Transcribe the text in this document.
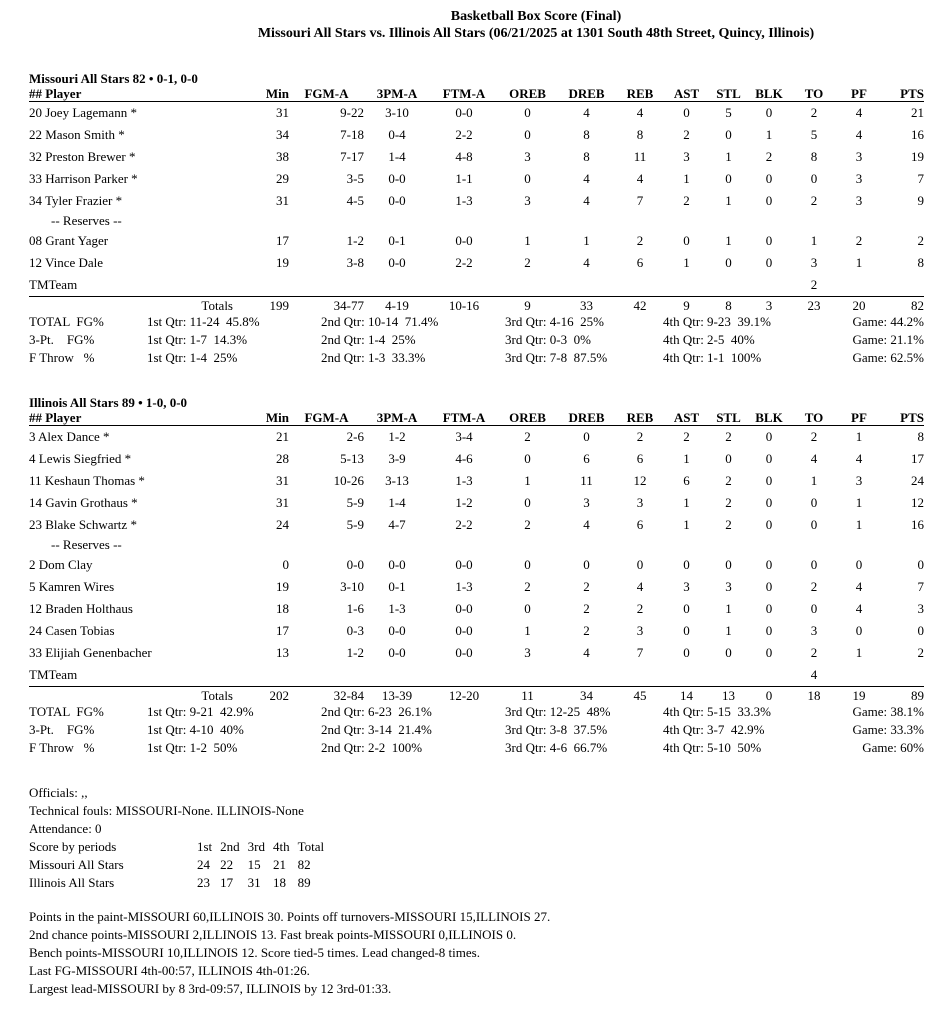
Basketball Box Score (Final)
Missouri All Stars vs. Illinois All Stars (06/21/2025 at 1301 South 48th Street, Quincy, Illinois)
Missouri All Stars 82 • 0-1, 0-0
## Player	Min	FGM-A	3PM-A	FTM-A	OREB	DREB	REB	AST	STL	BLK	TO	PF	PTS
20 Joey Lagemann *	31	9-22	3-10	0-0	0	4	4	0	5	0	2	4	21
22 Mason Smith *	34	7-18	0-4	2-2	0	8	8	2	0	1	5	4	16
32 Preston Brewer *	38	7-17	1-4	4-8	3	8	11	3	1	2	8	3	19
33 Harrison Parker *	29	3-5	0-0	1-1	0	4	4	1	0	0	0	3	7
34 Tyler Frazier *	31	4-5	0-0	1-3	3	4	7	2	1	0	2	3	9
-- Reserves --													
08 Grant Yager	17	1-2	0-1	0-0	1	1	2	0	1	0	1	2	2
12 Vince Dale	19	3-8	0-0	2-2	2	4	6	1	0	0	3	1	8
TMTeam											2		
Totals	199	34-77	4-19	10-16	9	33	42	9	8	3	23	20	82
TOTAL  FG%	1st Qtr: 11-24  45.8%	2nd Qtr: 10-14  71.4%	3rd Qtr: 4-16  25%	4th Qtr: 9-23  39.1%	Game: 44.2%
3-Pt.    FG%	1st Qtr: 1-7  14.3%	2nd Qtr: 1-4  25%	3rd Qtr: 0-3  0%	4th Qtr: 2-5  40%	Game: 21.1%
F Throw   %	1st Qtr: 1-4  25%	2nd Qtr: 1-3  33.3%	3rd Qtr: 7-8  87.5%	4th Qtr: 1-1  100%	Game: 62.5%
Illinois All Stars 89 • 1-0, 0-0
## Player	Min	FGM-A	3PM-A	FTM-A	OREB	DREB	REB	AST	STL	BLK	TO	PF	PTS
3 Alex Dance *	21	2-6	1-2	3-4	2	0	2	2	2	0	2	1	8
4 Lewis Siegfried *	28	5-13	3-9	4-6	0	6	6	1	0	0	4	4	17
11 Keshaun Thomas *	31	10-26	3-13	1-3	1	11	12	6	2	0	1	3	24
14 Gavin Grothaus *	31	5-9	1-4	1-2	0	3	3	1	2	0	0	1	12
23 Blake Schwartz *	24	5-9	4-7	2-2	2	4	6	1	2	0	0	1	16
-- Reserves --													
2 Dom Clay	0	0-0	0-0	0-0	0	0	0	0	0	0	0	0	0
5 Kamren Wires	19	3-10	0-1	1-3	2	2	4	3	3	0	2	4	7
12 Braden Holthaus	18	1-6	1-3	0-0	0	2	2	0	1	0	0	4	3
24 Casen Tobias	17	0-3	0-0	0-0	1	2	3	0	1	0	3	0	0
33 Elijiah Genenbacher	13	1-2	0-0	0-0	3	4	7	0	0	0	2	1	2
TMTeam											4		
Totals	202	32-84	13-39	12-20	11	34	45	14	13	0	18	19	89
TOTAL  FG%	1st Qtr: 9-21  42.9%	2nd Qtr: 6-23  26.1%	3rd Qtr: 12-25  48%	4th Qtr: 5-15  33.3%	Game: 38.1%
3-Pt.    FG%	1st Qtr: 4-10  40%	2nd Qtr: 3-14  21.4%	3rd Qtr: 3-8  37.5%	4th Qtr: 3-7  42.9%	Game: 33.3%
F Throw   %	1st Qtr: 1-2  50%	2nd Qtr: 2-2  100%	3rd Qtr: 4-6  66.7%	4th Qtr: 5-10  50%	Game: 60%
Officials: ,,
Technical fouls: MISSOURI-None. ILLINOIS-None
Attendance: 0
Score by periods	1st	2nd	3rd	4th	Total
Missouri All Stars	24	22	15	21	82
Illinois All Stars	23	17	31	18	89
Points in the paint-MISSOURI 60,ILLINOIS 30. Points off turnovers-MISSOURI 15,ILLINOIS 27.
2nd chance points-MISSOURI 2,ILLINOIS 13. Fast break points-MISSOURI 0,ILLINOIS 0.
Bench points-MISSOURI 10,ILLINOIS 12. Score tied-5 times. Lead changed-8 times.
Last FG-MISSOURI 4th-00:57, ILLINOIS 4th-01:26.
Largest lead-MISSOURI by 8 3rd-09:57, ILLINOIS by 12 3rd-01:33.
